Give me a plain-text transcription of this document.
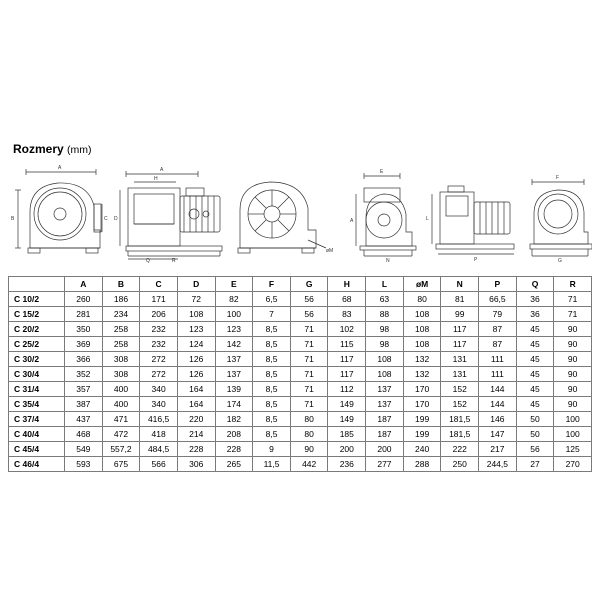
Rozmery (mm)
A
B	C
A
H
R
Q
D
øM
E
A
N
L
P
F
G
	A	B	C	D	E	F	G	H	L	øM	N	P	Q	R
C 10/2	260	186	171	72	82	6,5	56	68	63	80	81	66,5	36	71
C 15/2	281	234	206	108	100	7	56	83	88	108	99	79	36	71
C 20/2	350	258	232	123	123	8,5	71	102	98	108	117	87	45	90
C 25/2	369	258	232	124	142	8,5	71	115	98	108	117	87	45	90
C 30/2	366	308	272	126	137	8,5	71	117	108	132	131	111	45	90
C 30/4	352	308	272	126	137	8,5	71	117	108	132	131	111	45	90
C 31/4	357	400	340	164	139	8,5	71	112	137	170	152	144	45	90
C 35/4	387	400	340	164	174	8,5	71	149	137	170	152	144	45	90
C 37/4	437	471	416,5	220	182	8,5	80	149	187	199	181,5	146	50	100
C 40/4	468	472	418	214	208	8,5	80	185	187	199	181,5	147	50	100
C 45/4	549	557,2	484,5	228	228	9	90	200	200	240	222	217	56	125
C 46/4	593	675	566	306	265	11,5	442	236	277	288	250	244,5	27	270
